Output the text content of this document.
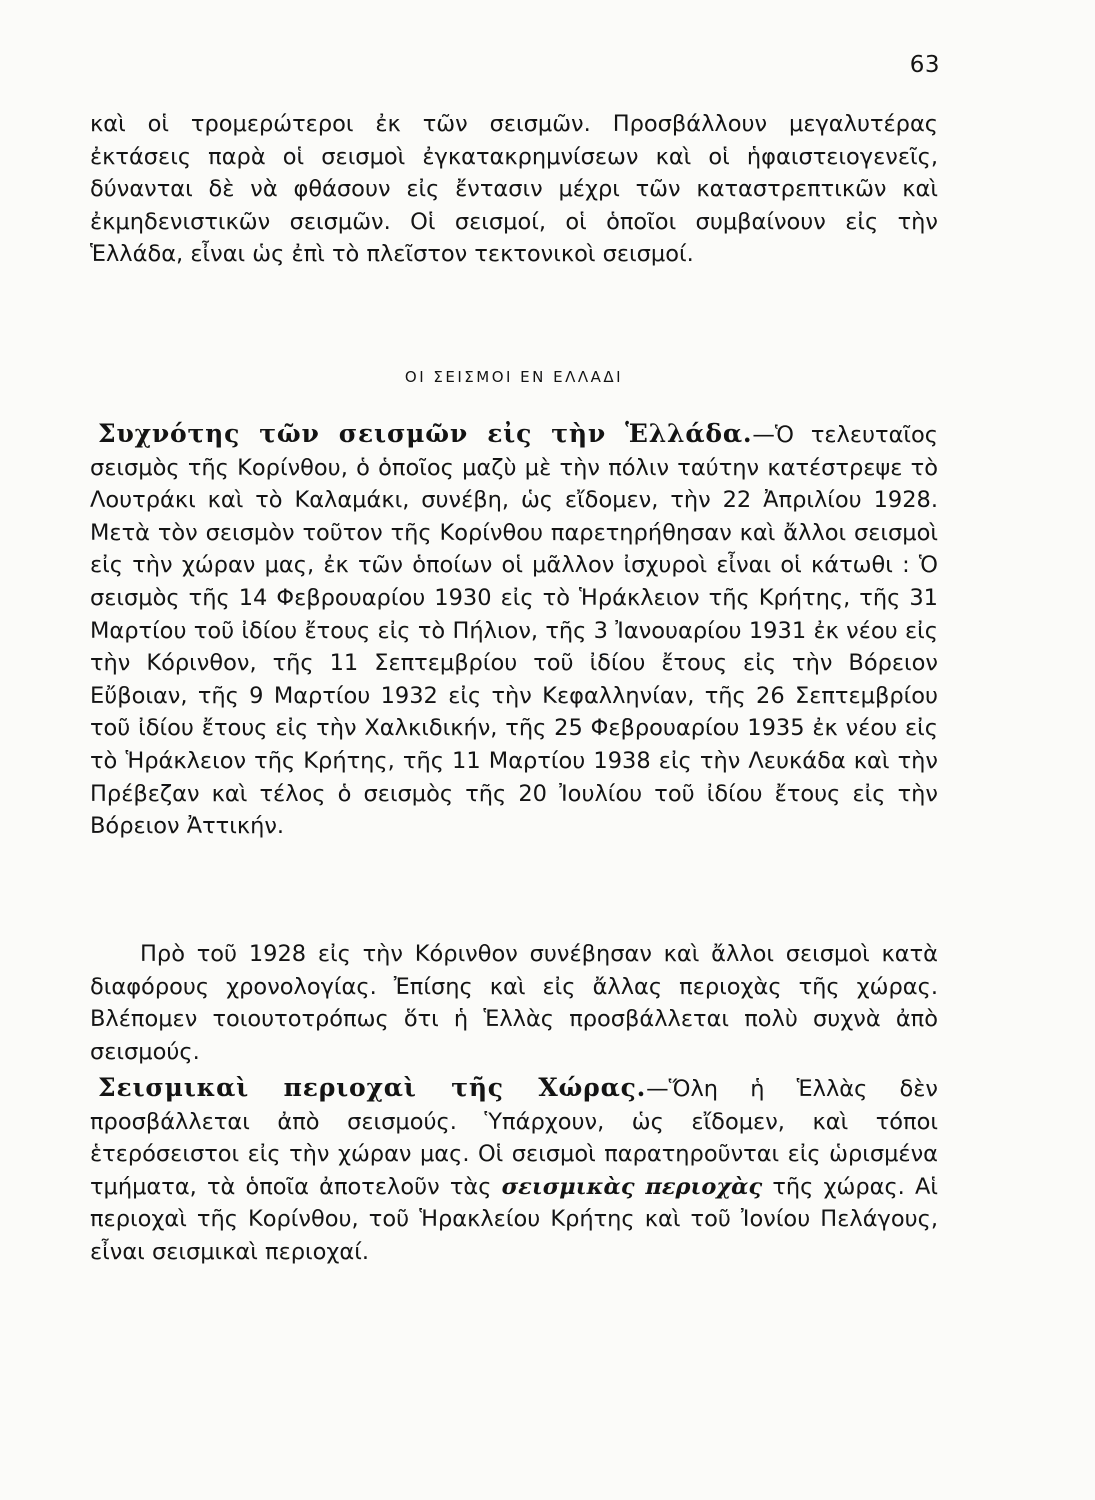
63

καὶ οἱ τρομερώτεροι ἐκ τῶν σεισμῶν. Προσβάλλουν μεγαλυτέρας ἐκτάσεις παρὰ οἱ σεισμοὶ ἐγκατακρημνίσεων καὶ οἱ ἡφαιστειογενεῖς, δύνανται δὲ νὰ φθάσουν εἰς ἔντασιν μέχρι τῶν καταστρεπτικῶν καὶ ἐκμηδενιστικῶν σεισμῶν. Οἱ σεισμοί, οἱ ὁποῖοι συμβαίνουν εἰς τὴν Ἑλλάδα, εἶναι ὡς ἐπὶ τὸ πλεῖστον τεκτονικοὶ σεισμοί.

ΟΙ ΣΕΙΣΜΟΙ ΕΝ ΕΛΛΑΔΙ

Συχνότης τῶν σεισμῶν εἰς τὴν Ἑλλάδα.—Ὁ τελευταῖος σεισμὸς τῆς Κορίνθου, ὁ ὁποῖος μαζὺ μὲ τὴν πόλιν ταύτην κατέστρεψε τὸ Λουτράκι καὶ τὸ Καλαμάκι, συνέβη, ὡς εἴδομεν, τὴν 22 Ἀπριλίου 1928. Μετὰ τὸν σεισμὸν τοῦτον τῆς Κορίνθου παρετηρήθησαν καὶ ἄλλοι σεισμοὶ εἰς τὴν χώραν μας, ἐκ τῶν ὁποίων οἱ μᾶλλον ἰσχυροὶ εἶναι οἱ κάτωθι : Ὁ σεισμὸς τῆς 14 Φεβρουαρίου 1930 εἰς τὸ Ἡράκλειον τῆς Κρήτης, τῆς 31 Μαρτίου τοῦ ἰδίου ἔτους εἰς τὸ Πήλιον, τῆς 3 Ἰανουαρίου 1931 ἐκ νέου εἰς τὴν Κόρινθον, τῆς 11 Σεπτεμβρίου τοῦ ἰδίου ἔτους εἰς τὴν Βόρειον Εὔβοιαν, τῆς 9 Μαρτίου 1932 εἰς τὴν Κεφαλληνίαν, τῆς 26 Σεπτεμβρίου τοῦ ἰδίου ἔτους εἰς τὴν Χαλκιδικήν, τῆς 25 Φεβρουαρίου 1935 ἐκ νέου εἰς τὸ Ἡράκλειον τῆς Κρήτης, τῆς 11 Μαρτίου 1938 εἰς τὴν Λευκάδα καὶ τὴν Πρέβεζαν καὶ τέλος ὁ σεισμὸς τῆς 20 Ἰουλίου τοῦ ἰδίου ἔτους εἰς τὴν Βόρειον Ἀττικήν.

Πρὸ τοῦ 1928 εἰς τὴν Κόρινθον συνέβησαν καὶ ἄλλοι σεισμοὶ κατὰ διαφόρους χρονολογίας. Ἐπίσης καὶ εἰς ἄλλας περιοχὰς τῆς χώρας. Βλέπομεν τοιουτοτρόπως ὅτι ἡ Ἑλλὰς προσβάλλεται πολὺ συχνὰ ἀπὸ σεισμούς.

Σεισμικαὶ περιοχαὶ τῆς Χώρας.—Ὅλη ἡ Ἑλλὰς δὲν προσβάλλεται ἀπὸ σεισμούς. Ὑπάρχουν, ὡς εἴδομεν, καὶ τόποι ἑτερόσειστοι εἰς τὴν χώραν μας. Οἱ σεισμοὶ παρατηροῦνται εἰς ὡρισμένα τμήματα, τὰ ὁποῖα ἀποτελοῦν τὰς σεισμικὰς περιοχὰς τῆς χώρας. Αἱ περιοχαὶ τῆς Κορίνθου, τοῦ Ἡρακλείου Κρήτης καὶ τοῦ Ἰονίου Πελάγους, εἶναι σεισμικαὶ περιοχαί.
